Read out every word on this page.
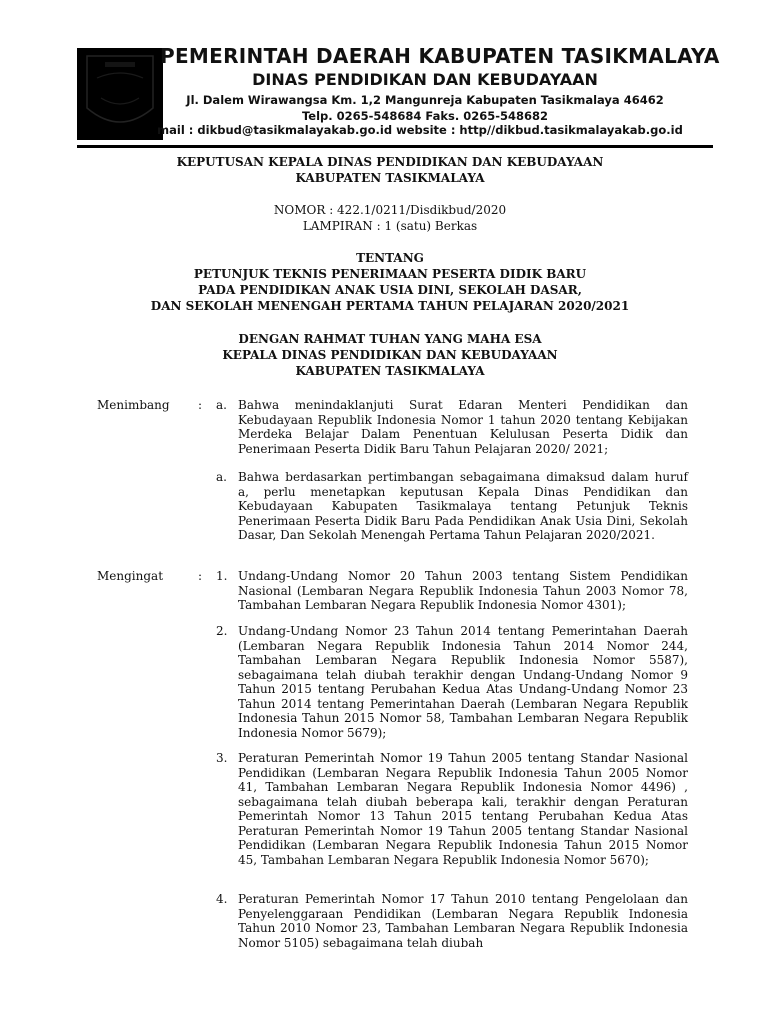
PEMERINTAH DAERAH KABUPATEN TASIKMALAYA
DINAS PENDIDIKAN DAN KEBUDAYAAN
Jl. Dalem Wirawangsa Km. 1,2 Mangunreja Kabupaten Tasikmalaya 46462
Telp. 0265-548684 Faks. 0265-548682
mail : dikbud@tasikmalayakab.go.id website : http//dikbud.tasikmalayakab.go.id
KEPUTUSAN KEPALA DINAS PENDIDIKAN DAN KEBUDAYAAN
KABUPATEN TASIKMALAYA
NOMOR : 422.1/0211/Disdikbud/2020
LAMPIRAN : 1 (satu) Berkas
TENTANG
PETUNJUK TEKNIS PENERIMAAN PESERTA DIDIK BARU
PADA PENDIDIKAN ANAK USIA DINI, SEKOLAH DASAR,
DAN SEKOLAH MENENGAH PERTAMA TAHUN PELAJARAN 2020/2021
DENGAN RAHMAT TUHAN YANG MAHA ESA
KEPALA DINAS PENDIDIKAN DAN KEBUDAYAAN
KABUPATEN TASIKMALAYA
Menimbang : a. Bahwa menindaklanjuti Surat Edaran Menteri Pendidikan dan Kebudayaan Republik Indonesia Nomor 1 tahun 2020 tentang Kebijakan Merdeka Belajar Dalam Penentuan Kelulusan Peserta Didik dan Penerimaan Peserta Didik Baru Tahun Pelajaran 2020/ 2021;
a. Bahwa berdasarkan pertimbangan sebagaimana dimaksud dalam huruf a, perlu menetapkan keputusan Kepala Dinas Pendidikan dan Kebudayaan Kabupaten Tasikmalaya tentang Petunjuk Teknis Penerimaan Peserta Didik Baru Pada Pendidikan Anak Usia Dini, Sekolah Dasar, Dan Sekolah Menengah Pertama Tahun Pelajaran 2020/2021.
Mengingat	: 1. Undang-Undang Nomor 20 Tahun 2003 tentang Sistem Pendidikan Nasional (Lembaran Negara Republik Indonesia Tahun 2003 Nomor 78, Tambahan Lembaran Negara Republik Indonesia Nomor 4301);
2. Undang-Undang Nomor 23 Tahun 2014 tentang Pemerintahan Daerah (Lembaran Negara Republik Indonesia Tahun 2014 Nomor 244, Tambahan Lembaran Negara Republik Indonesia Nomor 5587), sebagaimana telah diubah terakhir dengan Undang-Undang Nomor 9 Tahun 2015 tentang Perubahan Kedua Atas Undang-Undang Nomor 23 Tahun 2014 tentang Pemerintahan Daerah (Lembaran Negara Republik Indonesia Tahun 2015 Nomor 58, Tambahan Lembaran Negara Republik Indonesia Nomor 5679);
3. Peraturan Pemerintah Nomor 19 Tahun 2005 tentang Standar Nasional Pendidikan (Lembaran Negara Republik Indonesia Tahun 2005 Nomor 41, Tambahan Lembaran Negara Republik Indonesia Nomor 4496) , sebagaimana telah diubah beberapa kali, terakhir dengan Peraturan Pemerintah Nomor 13 Tahun 2015 tentang Perubahan Kedua Atas Peraturan Pemerintah Nomor 19 Tahun 2005 tentang Standar Nasional Pendidikan (Lembaran Negara Republik Indonesia Tahun 2015 Nomor 45, Tambahan Lembaran Negara Republik Indonesia Nomor 5670);
4. Peraturan Pemerintah Nomor 17 Tahun 2010 tentang Pengelolaan dan Penyelenggaraan Pendidikan (Lembaran Negara Republik Indonesia Tahun 2010 Nomor 23, Tambahan Lembaran Negara Republik Indonesia Nomor 5105) sebagaimana telah diubah
